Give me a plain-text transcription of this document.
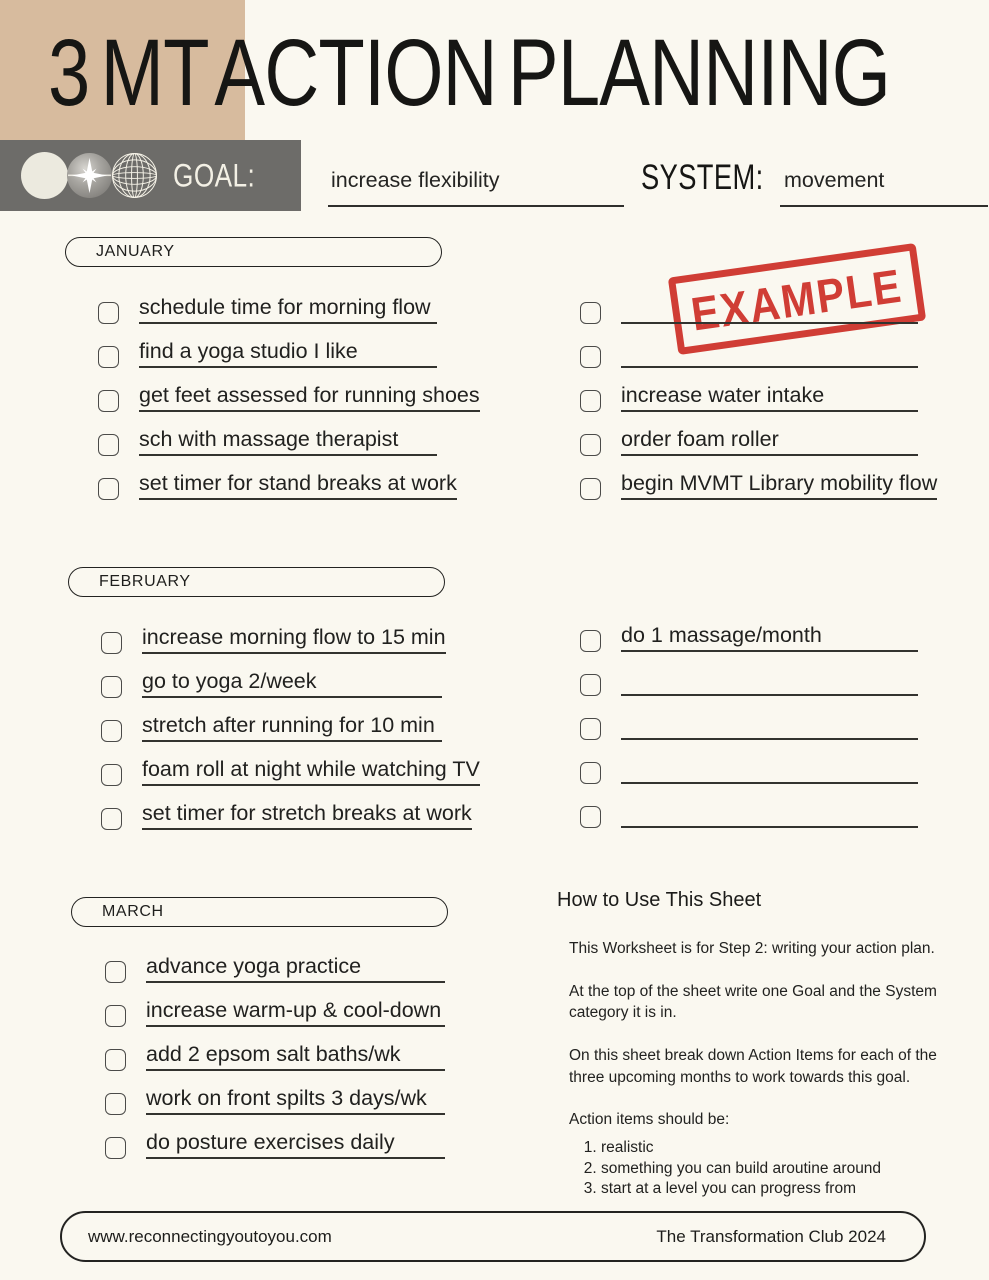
3 MT ACTION PLANNING
GOAL:	increase flexibility	SYSTEM: movement
EXAMPLE
JANUARY
schedule time for morning flow
find a yoga studio I like
get feet assessed for running shoes
sch with massage therapist
set timer for stand breaks at work
increase water intake
order foam roller
begin MVMT Library mobility flow
FEBRUARY
increase morning flow to 15 min
go to yoga 2/week
stretch after running for 10 min
foam roll at night while watching TV
set timer for stretch breaks at work
do 1 massage/month
MARCH
advance yoga practice
increase warm-up & cool-down
add 2 epsom salt baths/wk
work on front spilts 3 days/wk
do posture exercises daily
How to Use This Sheet

This Worksheet is for Step 2: writing your action plan.

At the top of the sheet write one Goal and the System category it is in.

On this sheet break down Action Items for each of the three upcoming months to work towards this goal.

Action items should be:

1. realistic
2. something you can build aroutine around
3. start at a level you can progress from
www.reconnectingyoutoyou.com	The Transformation Club 2024
